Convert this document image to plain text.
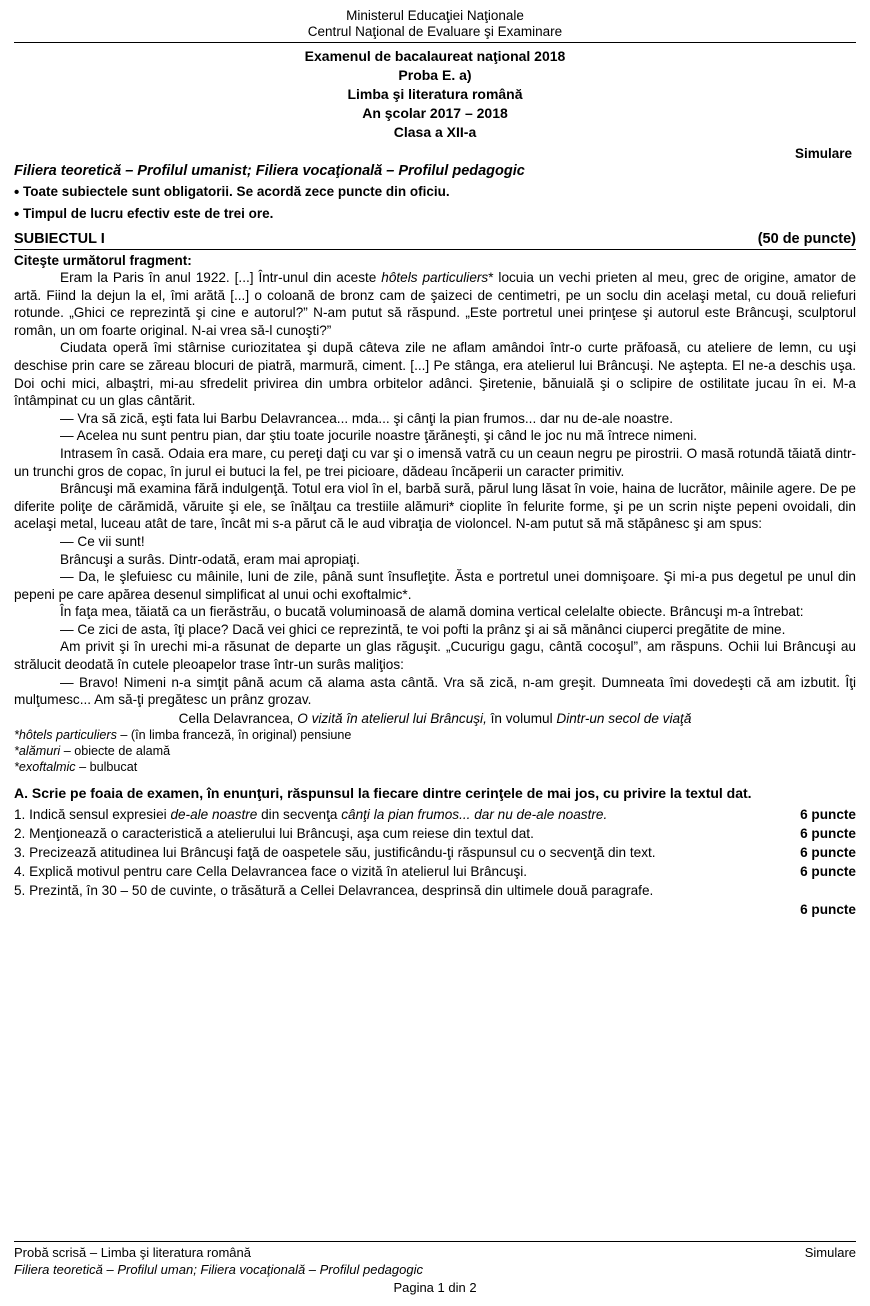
Ministerul Educaţiei Naţionale
Centrul Naţional de Evaluare şi Examinare
Examenul de bacalaureat naţional 2018
Proba E. a)
Limba şi literatura română
An şcolar 2017 – 2018
Clasa a XII-a
Simulare
Filiera teoretică – Profilul umanist; Filiera vocaţională – Profilul pedagogic
• Toate subiectele sunt obligatorii. Se acordă zece puncte din oficiu.
• Timpul de lucru efectiv este de trei ore.
SUBIECTUL I	(50 de puncte)
Citeşte următorul fragment:

Eram la Paris în anul 1922. [...] Într-unul din aceste hôtels particuliers* locuia un vechi prieten al meu, grec de origine, amator de artă. Fiind la dejun la el, îmi arătă [...] o coloană de bronz cam de şaizeci de centimetri, pe un soclu din acelaşi metal, cu două reliefuri rotunde. „Ghici ce reprezintă şi cine e autorul?” N-am putut să răspund. „Este portretul unei prinţese şi autorul este Brâncuşi, sculptorul român, un om foarte original. N-ai vrea să-l cunoşti?”

Ciudata operă îmi stârnise curiozitatea şi după câteva zile ne aflam amândoi într-o curte prăfoasă, cu ateliere de lemn, cu uşi deschise prin care se zăreau blocuri de piatră, marmură, ciment. [...] Pe stânga, era atelierul lui Brâncuşi. Ne aştepta. El ne-a deschis uşa. Doi ochi mici, albaştri, mi-au sfredelit privirea din umbra orbitelor adânci. Şiretenie, bănuială şi o sclipire de ostilitate jucau în ei. M-a întâmpinat cu un glas cântărit.

— Vra să zică, eşti fata lui Barbu Delavrancea... mda... şi cânţi la pian frumos... dar nu de-ale noastre.

— Acelea nu sunt pentru pian, dar ştiu toate jocurile noastre ţărăneşti, şi când le joc nu mă întrece nimeni.

Intrasem în casă. Odaia era mare, cu pereţi daţi cu var şi o imensă vatră cu un ceaun negru pe pirostrii. O masă rotundă tăiată dintr-un trunchi gros de copac, în jurul ei butuci la fel, pe trei picioare, dădeau încăperii un caracter primitiv.

Brâncuşi mă examina fără indulgenţă. Totul era viol în el, barbă sură, părul lung lăsat în voie, haina de lucrător, mâinile agere. De pe diferite poliţe de cărămidă, văruite şi ele, se înălţau ca trestiile alămuri* cioplite în felurite forme, şi pe un scrin nişte pepeni ovoidali, din acelaşi metal, luceau atât de tare, încât mi s-a părut că le aud vibraţia de violoncel. N-am putut să mă stăpânesc şi am spus:

— Ce vii sunt!

Brâncuşi a surâs. Dintr-odată, eram mai apropiaţi.

— Da, le şlefuiesc cu mâinile, luni de zile, până sunt însufleţite. Ăsta e portretul unei domnişoare. Şi mi-a pus degetul pe unul din pepeni pe care apărea desenul simplificat al unui ochi exoftalmic*.

În faţa mea, tăiată ca un fierăstrău, o bucată voluminoasă de alamă domina vertical celelalte obiecte. Brâncuşi m-a întrebat:

— Ce zici de asta, îţi place? Dacă vei ghici ce reprezintă, te voi pofti la prânz şi ai să mănânci ciuperci pregătite de mine.

Am privit şi în urechi mi-a răsunat de departe un glas răguşit. „Cucurigu gagu, cântă cocoşul”, am răspuns. Ochii lui Brâncuşi au strălucit deodată în cutele pleoapelor trase într-un surâs maliţios:

— Bravo! Nimeni n-a simţit până acum că alama asta cântă. Vra să zică, n-am greşit. Dumneata îmi dovedeşti că am izbutit. Îţi mulţumesc... Am să-ţi pregătesc un prânz grozav.

Cella Delavrancea, O vizită în atelierul lui Brâncuşi, în volumul Dintr-un secol de viaţă
*hôtels particuliers – (în limba franceză, în original) pensiune
*alămuri – obiecte de alamă
*exoftalmic – bulbucat
A. Scrie pe foaia de examen, în enunţuri, răspunsul la fiecare dintre cerinţele de mai jos, cu privire la textul dat.
1. Indică sensul expresiei de-ale noastre din secvenţa cânţi la pian frumos... dar nu de-ale noastre.	6 puncte
2. Menţionează o caracteristică a atelierului lui Brâncuşi, aşa cum reiese din textul dat.	6 puncte
3. Precizează atitudinea lui Brâncuşi faţă de oaspetele său, justificându-ţi răspunsul cu o secvenţă din text.	6 puncte
4. Explică motivul pentru care Cella Delavrancea face o vizită în atelierul lui Brâncuşi.	6 puncte
5. Prezintă, în 30 – 50 de cuvinte, o trăsătură a Cellei Delavrancea, desprinsă din ultimele două paragrafe.
6 puncte
Probă scrisă – Limba şi literatura română	Simulare
Filiera teoretică – Profilul uman; Filiera vocaţională – Profilul pedagogic
Pagina 1 din 2
